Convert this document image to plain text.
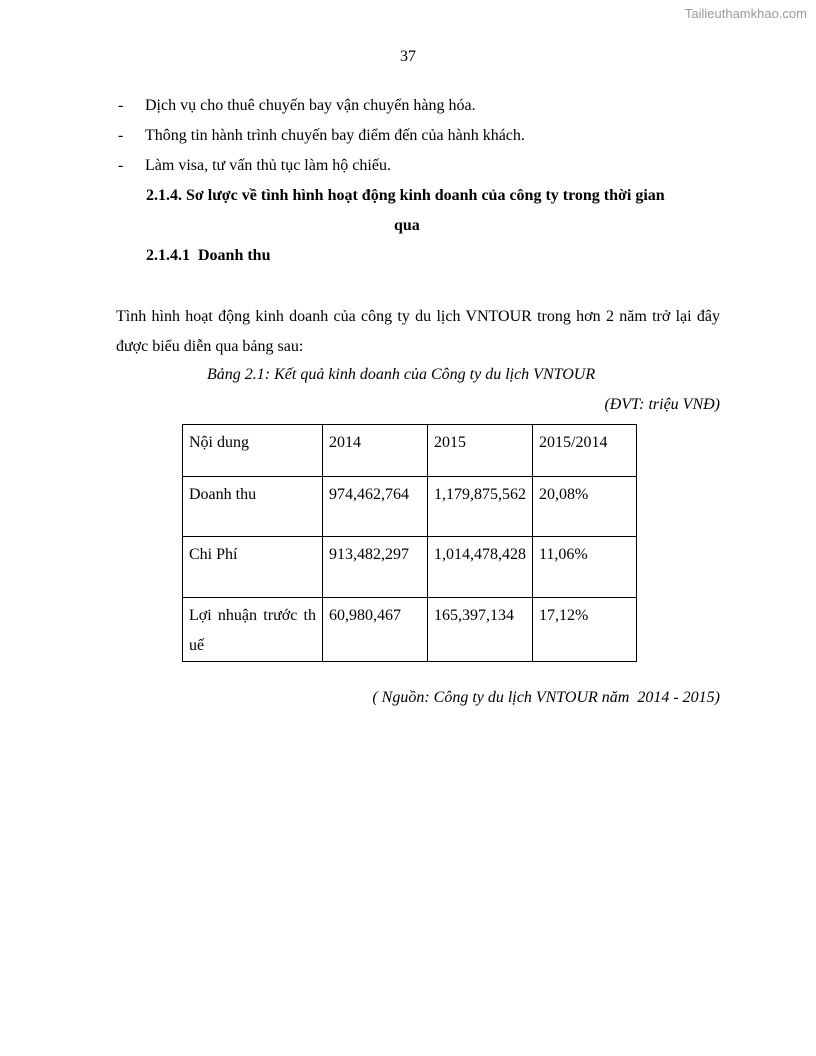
Tailieuthamkhao.com
37
- Dịch vụ cho thuê chuyến bay vận chuyển hàng hóa.
- Thông tin hành trình chuyến bay điểm đến của hành khách.
- Làm visa, tư vấn thủ tục làm hộ chiếu.
2.1.4. Sơ lược về tình hình hoạt động kinh doanh của công ty trong thời gian
qua
2.1.4.1  Doanh thu
Tình hình hoạt động kinh doanh của công ty du lịch VNTOUR trong hơn 2 năm trở lại đây được biểu diễn qua bảng sau:
Bảng 2.1: Kết quả kinh doanh của Công ty du lịch VNTOUR
(ĐVT: triệu VNĐ)
Nội dung	2014	2015	2015/2014
Doanh thu	974,462,764	1,179,875,562	20,08%
Chi Phí	913,482,297	1,014,478,428	11,06%
Lợi nhuận trước thuế	60,980,467	165,397,134	17,12%
( Nguồn: Công ty du lịch VNTOUR năm  2014 - 2015)
